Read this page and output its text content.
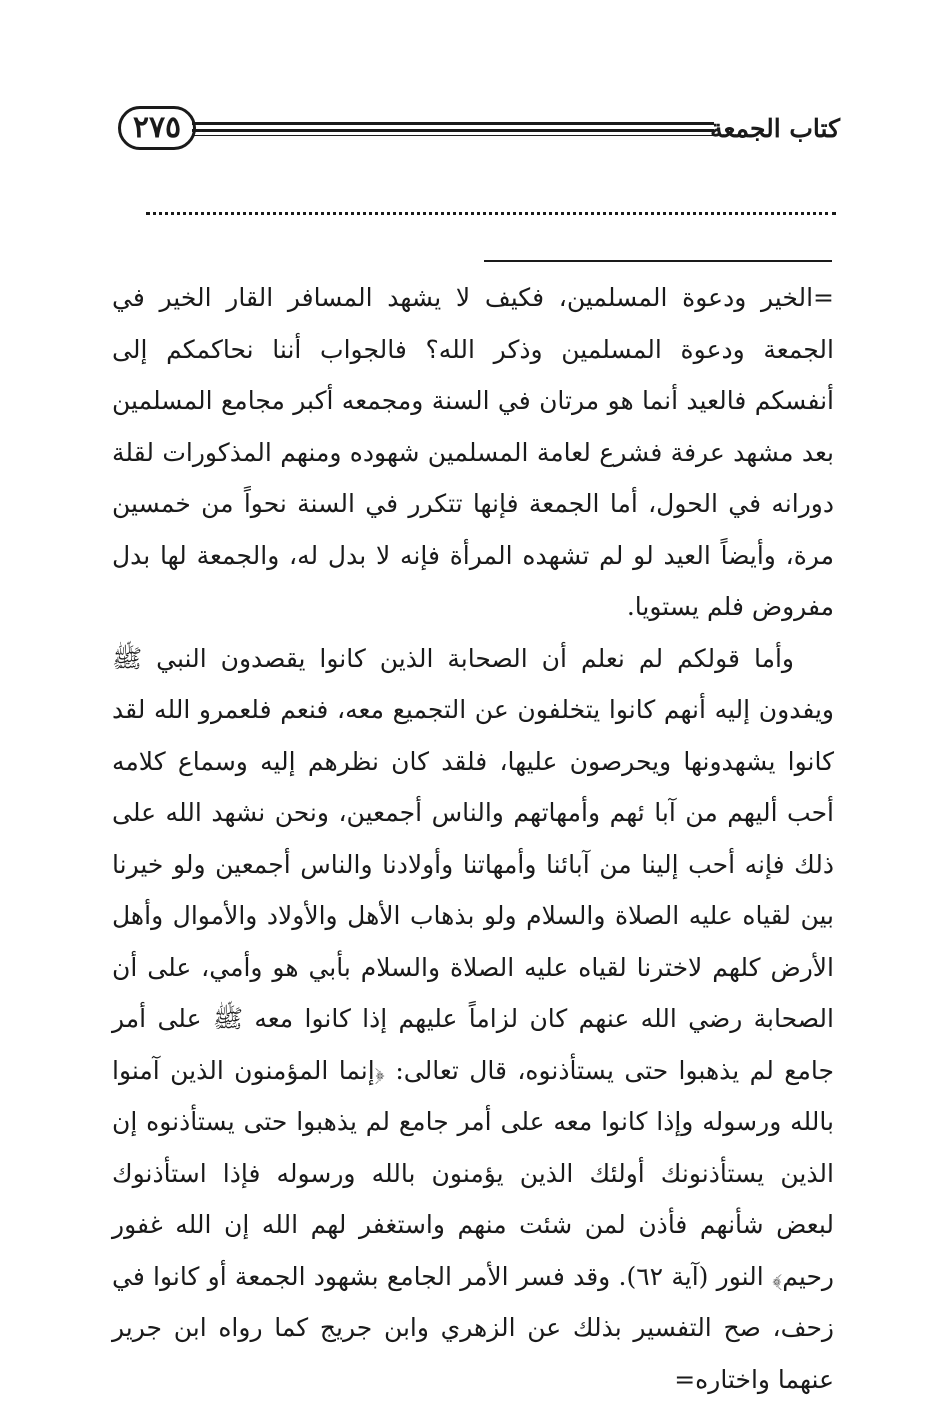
٢٧٥	كتاب الجمعة

=الخير ودعوة المسلمين، فكيف لا يشهد المسافر القار الخير في الجمعة ودعوة المسلمين وذكر الله؟ فالجواب أننا نحاكمكم إلى أنفسكم فالعيد أنما هو مرتان في السنة ومجمعه أكبر مجامع المسلمين بعد مشهد عرفة فشرع لعامة المسلمين شهوده ومنهم المذكورات لقلة دورانه في الحول، أما الجمعة فإنها تتكرر في السنة نحواً من خمسين مرة، وأيضاً العيد لو لم تشهده المرأة فإنه لا بدل له، والجمعة لها بدل مفروض فلم يستويا.

وأما قولكم لم نعلم أن الصحابة الذين كانوا يقصدون النبي ﷺ ويفدون إليه أنهم كانوا يتخلفون عن التجميع معه، فنعم فلعمرو الله لقد كانوا يشهدونها ويحرصون عليها، فلقد كان نظرهم إليه وسماع كلامه أحب أليهم من آبا ئهم وأمهاتهم والناس أجمعين، ونحن نشهد الله على ذلك فإنه أحب إلينا من آبائنا وأمهاتنا وأولادنا والناس أجمعين ولو خيرنا بين لقياه عليه الصلاة والسلام ولو بذهاب الأهل والأولاد والأموال وأهل الأرض كلهم لاخترنا لقياه عليه الصلاة والسلام بأبي هو وأمي، على أن الصحابة رضي الله عنهم كان لزاماً عليهم إذا كانوا معه ﷺ على أمر جامع لم يذهبوا حتى يستأذنوه، قال تعالى: ﴿إنما المؤمنون الذين آمنوا بالله ورسوله وإذا كانوا معه على أمر جامع لم يذهبوا حتى يستأذنوه إن الذين يستأذنونك أولئك الذين يؤمنون بالله ورسوله فإذا استأذنوك لبعض شأنهم فأذن لمن شئت منهم واستغفر لهم الله إن الله غفور رحيم﴾ النور (آية ٦٢). وقد فسر الأمر الجامع بشهود الجمعة أو كانوا في زحف، صح التفسير بذلك عن الزهري وابن جريج كما رواه ابن جرير عنهما واختاره=
